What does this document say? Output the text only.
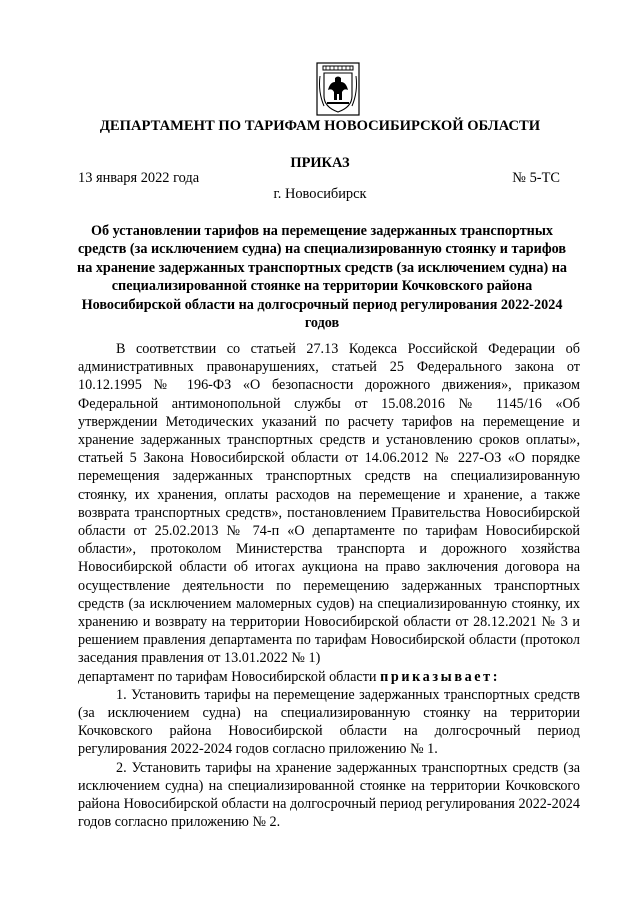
ДЕПАРТАМЕНТ ПО ТАРИФАМ НОВОСИБИРСКОЙ ОБЛАСТИ
ПРИКАЗ
13 января 2022 года	№ 5-ТС
г. Новосибирск
Об установлении тарифов на перемещение задержанных транспортных средств (за исключением судна) на специализированную стоянку и тарифов на хранение задержанных транспортных средств (за исключением судна) на специализированной стоянке на территории Кочковского района Новосибирской области на долгосрочный период регулирования 2022-2024 годов

В соответствии со статьей 27.13 Кодекса Российской Федерации об административных правонарушениях, статьей 25 Федерального закона от 10.12.1995 № 196-ФЗ «О безопасности дорожного движения», приказом Федеральной антимонопольной службы от 15.08.2016 № 1145/16 «Об утверждении Методических указаний по расчету тарифов на перемещение и хранение задержанных транспортных средств и установлению сроков оплаты», статьей 5 Закона Новосибирской области от 14.06.2012 № 227-ОЗ «О порядке перемещения задержанных транспортных средств на специализированную стоянку, их хранения, оплаты расходов на перемещение и хранение, а также возврата транспортных средств», постановлением Правительства Новосибирской области от 25.02.2013 № 74-п «О департаменте по тарифам Новосибирской области», протоколом Министерства транспорта и дорожного хозяйства Новосибирской области об итогах аукциона на право заключения договора на осуществление деятельности по перемещению задержанных транспортных средств (за исключением маломерных судов) на специализированную стоянку, их хранению и возврату на территории Новосибирской области от 28.12.2021 № 3 и решением правления департамента по тарифам Новосибирской области (протокол заседания правления от 13.01.2022 № 1)

департамент по тарифам Новосибирской области приказывает:

1. Установить тарифы на перемещение задержанных транспортных средств (за исключением судна) на специализированную стоянку на территории Кочковского района Новосибирской области на долгосрочный период регулирования 2022-2024 годов согласно приложению № 1.

2. Установить тарифы на хранение задержанных транспортных средств (за исключением судна) на специализированной стоянке на территории Кочковского района Новосибирской области на долгосрочный период регулирования 2022-2024 годов согласно приложению № 2.
